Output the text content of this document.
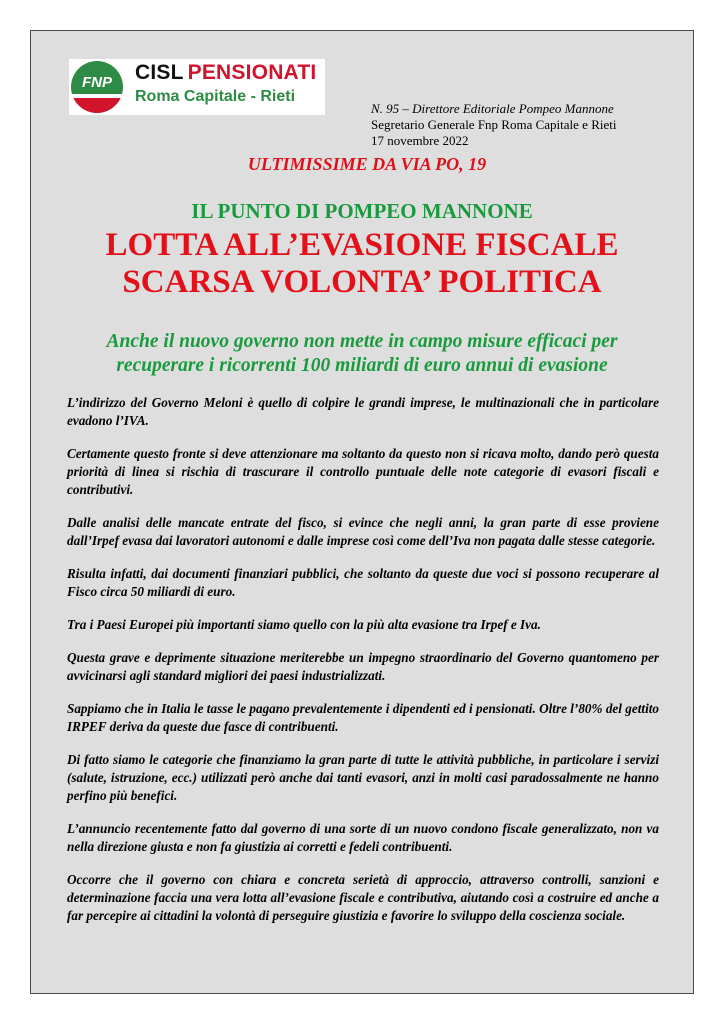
FNP CISL PENSIONATI
Roma Capitale - Rieti
N. 95 – Direttore Editoriale Pompeo Mannone
Segretario Generale Fnp Roma Capitale e Rieti
17 novembre 2022
ULTIMISSIME DA VIA PO, 19
IL PUNTO DI POMPEO MANNONE
LOTTA ALL’EVASIONE FISCALE
SCARSA VOLONTA’ POLITICA
Anche il nuovo governo non mette in campo misure efficaci per
recuperare i ricorrenti 100 miliardi di euro annui di evasione

L’indirizzo del Governo Meloni è quello di colpire le grandi imprese, le multinazionali che in particolare evadono l’IVA.

Certamente questo fronte si deve attenzionare ma soltanto da questo non si ricava molto, dando però questa priorità di linea si rischia di trascurare il controllo puntuale delle note categorie di evasori fiscali e contributivi.

Dalle analisi delle mancate entrate del fisco, si evince che negli anni, la gran parte di esse proviene dall’Irpef evasa dai lavoratori autonomi e dalle imprese così come dell’Iva non pagata dalle stesse categorie.

Risulta infatti, dai documenti finanziari pubblici, che soltanto da queste due voci si possono recuperare al Fisco circa 50 miliardi di euro.

Tra i Paesi Europei più importanti siamo quello con la più alta evasione tra Irpef e Iva.

Questa grave e deprimente situazione meriterebbe un impegno straordinario del Governo quantomeno per avvicinarsi agli standard migliori dei paesi industrializzati.

Sappiamo che in Italia le tasse le pagano prevalentemente i dipendenti ed i pensionati. Oltre l’80% del gettito IRPEF deriva da queste due fasce di contribuenti.

Di fatto siamo le categorie che finanziamo la gran parte di tutte le attività pubbliche, in particolare i servizi (salute, istruzione, ecc.) utilizzati però anche dai tanti evasori, anzi in molti casi paradossalmente ne hanno perfino più benefici.

L’annuncio recentemente fatto dal governo di una sorte di un nuovo condono fiscale generalizzato, non va nella direzione giusta e non fa giustizia ai corretti e fedeli contribuenti.

Occorre che il governo con chiara e concreta serietà di approccio, attraverso controlli, sanzioni e determinazione faccia una vera lotta all’evasione fiscale e contributiva, aiutando così a costruire ed anche a far percepire ai cittadini la volontà di perseguire giustizia e favorire lo sviluppo della coscienza sociale.
